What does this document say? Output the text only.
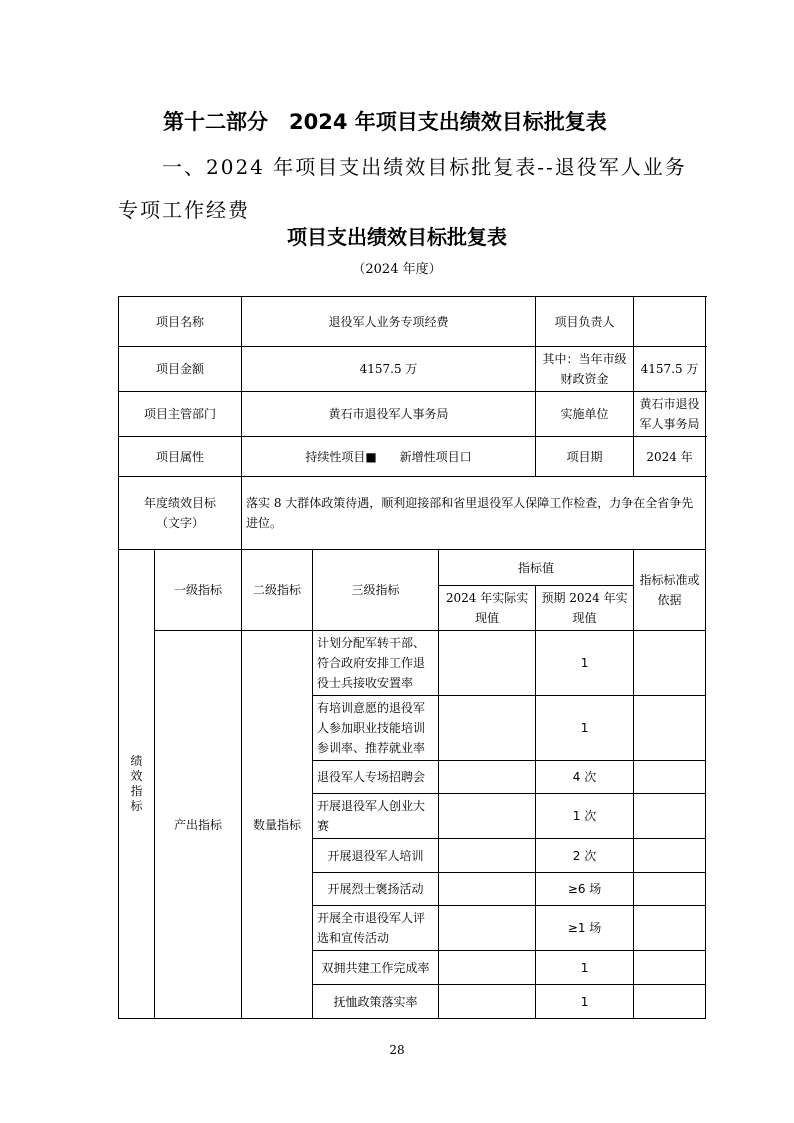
第十二部分　2024 年项目支出绩效目标批复表
一、2024 年项目支出绩效目标批复表--退役军人业务专项工作经费
项目支出绩效目标批复表
（2024 年度）
项目名称		退役军人业务专项经费			项目负责人	
项目金额		4157.5 万			其中：当年市级财政资金	4157.5 万
项目主管部门		黄石市退役军人事务局			实施单位	黄石市退役军人事务局
项目属性		持续性项目■ 新增性项目口			项目期	2024 年

年度绩效目标
（文字）		落实 8 大群体政策待遇，顺利迎接部和省里退役军人保障工作检查，力争在全省争先进位。				

绩效指标	一级指标	二级指标	三级指标	指标值		指标标准或依据
				2024 年实际实现值	预期 2024 年实现值	
	产出指标	数量指标	计划分配军转干部、符合政府安排工作退役士兵接收安置率		1	
			有培训意愿的退役军人参加职业技能培训参训率、推荐就业率		1	
			退役军人专场招聘会		4 次	
			开展退役军人创业大赛		1 次	
			开展退役军人培训		2 次	
			开展烈士褒扬活动		≥6 场	
			开展全市退役军人评选和宣传活动		≥1 场	
			双拥共建工作完成率		1	
			抚恤政策落实率		1	
28
